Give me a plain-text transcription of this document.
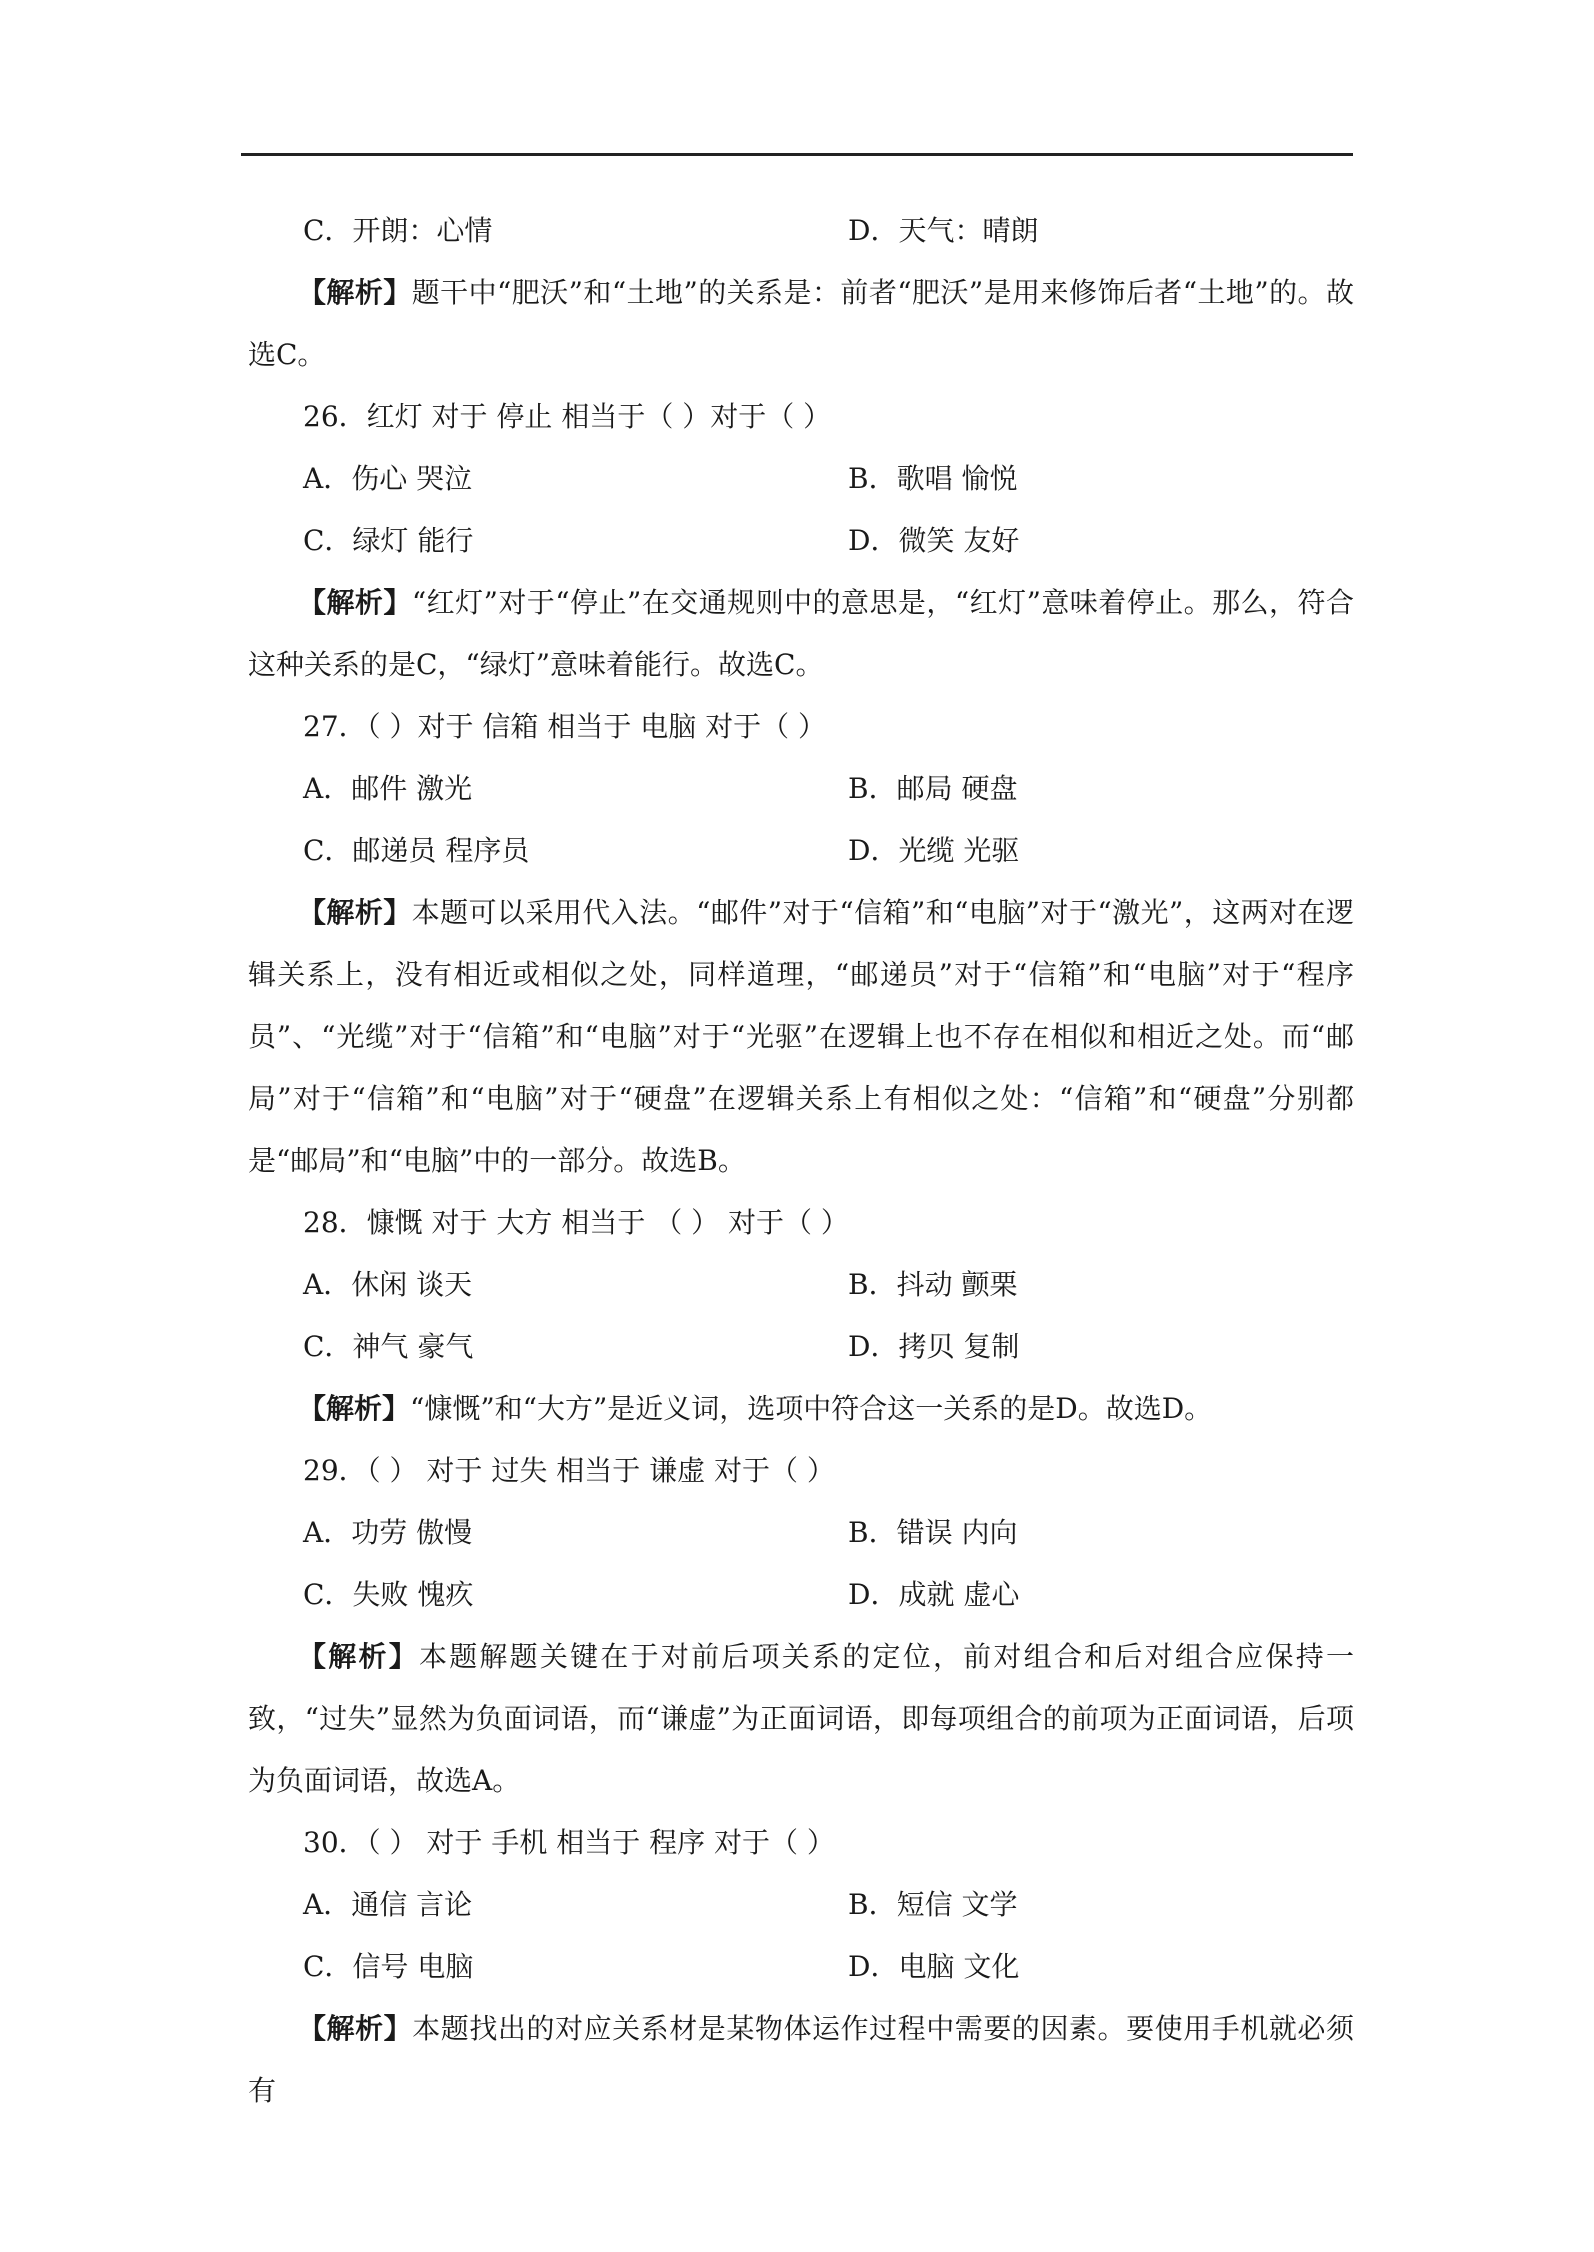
C．开朗：心情	D．天气：晴朗
【解析】题干中“肥沃”和“土地”的关系是：前者“肥沃”是用来修饰后者“土地”的。故选C。
26．红灯 对于 停止 相当于（ ）对于（ ）
A．伤心 哭泣	B．歌唱 愉悦
C．绿灯 能行	D．微笑 友好
【解析】“红灯”对于“停止”在交通规则中的意思是，“红灯”意味着停止。那么，符合这种关系的是C，“绿灯”意味着能行。故选C。
27．（ ）对于 信箱 相当于 电脑 对于（ ）
A．邮件 激光	B．邮局 硬盘
C．邮递员 程序员	D．光缆 光驱
【解析】本题可以采用代入法。“邮件”对于“信箱”和“电脑”对于“激光”，这两对在逻辑关系上，没有相近或相似之处，同样道理，“邮递员”对于“信箱”和“电脑”对于“程序员”、“光缆”对于“信箱”和“电脑”对于“光驱”在逻辑上也不存在相似和相近之处。而“邮局”对于“信箱”和“电脑”对于“硬盘”在逻辑关系上有相似之处：“信箱”和“硬盘”分别都是“邮局”和“电脑”中的一部分。故选B。
28．慷慨 对于 大方 相当于 （ ） 对于（ ）
A．休闲 谈天	B．抖动 颤栗
C．神气 豪气	D．拷贝 复制
【解析】“慷慨”和“大方”是近义词，选项中符合这一关系的是D。故选D。
29．（ ） 对于 过失 相当于 谦虚 对于（ ）
A．功劳 傲慢	B．错误 内向
C．失败 愧疚	D．成就 虚心
【解析】本题解题关键在于对前后项关系的定位，前对组合和后对组合应保持一致，“过失”显然为负面词语，而“谦虚”为正面词语，即每项组合的前项为正面词语，后项为负面词语，故选A。
30．（ ） 对于 手机 相当于 程序 对于（ ）
A．通信 言论	B．短信 文学
C．信号 电脑	D．电脑 文化
【解析】本题找出的对应关系材是某物体运作过程中需要的因素。要使用手机就必须有
